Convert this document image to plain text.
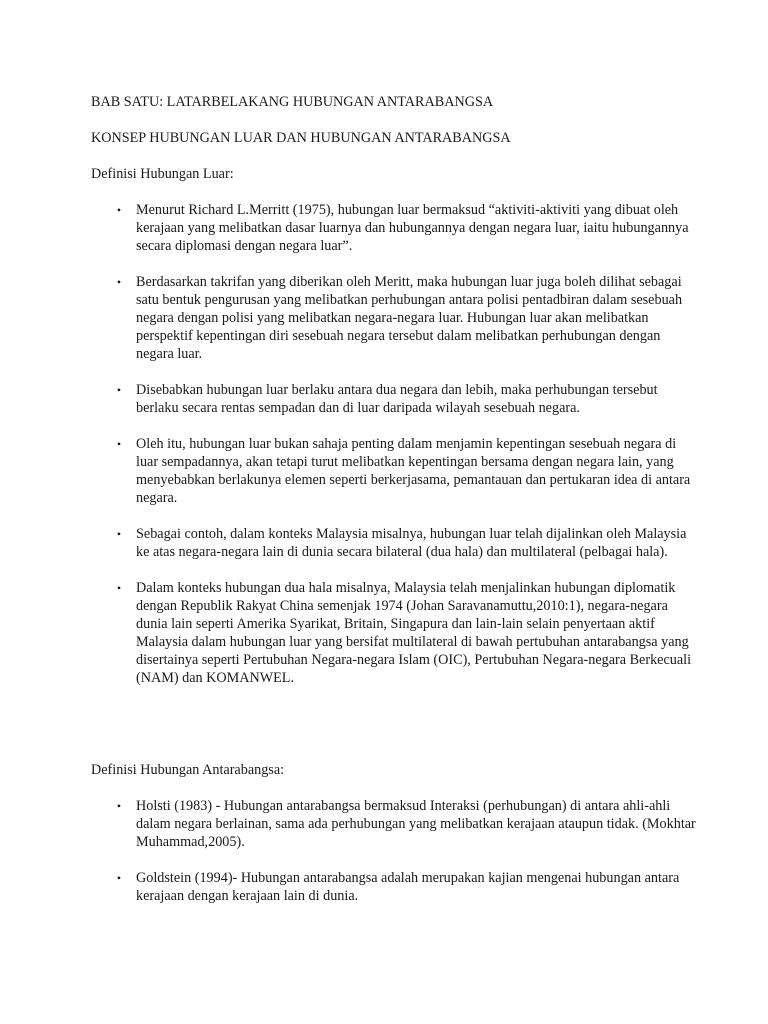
BAB SATU: LATARBELAKANG HUBUNGAN ANTARABANGSA
KONSEP HUBUNGAN LUAR DAN HUBUNGAN ANTARABANGSA
Definisi Hubungan Luar:
•	Menurut Richard L.Merritt (1975), hubungan luar bermaksud “aktiviti-aktiviti yang dibuat oleh kerajaan yang melibatkan dasar luarnya dan hubungannya dengan negara luar, iaitu hubungannya secara diplomasi dengan negara luar”.
•	Berdasarkan takrifan yang diberikan oleh Meritt, maka hubungan luar juga boleh dilihat sebagai satu bentuk pengurusan yang melibatkan perhubungan antara polisi pentadbiran dalam sesebuah negara dengan polisi yang melibatkan negara-negara luar. Hubungan luar akan melibatkan perspektif kepentingan diri sesebuah negara tersebut dalam melibatkan perhubungan dengan negara luar.
•	Disebabkan hubungan luar berlaku antara dua negara dan lebih, maka perhubungan tersebut berlaku secara rentas sempadan dan di luar daripada wilayah sesebuah negara.
•	Oleh itu, hubungan luar bukan sahaja penting dalam menjamin kepentingan sesebuah negara di luar sempadannya, akan tetapi turut melibatkan kepentingan bersama dengan negara lain, yang menyebabkan berlakunya elemen seperti berkerjasama, pemantauan dan pertukaran idea di antara negara.
•	Sebagai contoh, dalam konteks Malaysia misalnya, hubungan luar telah dijalinkan oleh Malaysia ke atas negara-negara lain di dunia secara bilateral (dua hala) dan multilateral (pelbagai hala).
•	Dalam konteks hubungan dua hala misalnya, Malaysia telah menjalinkan hubungan diplomatik dengan Republik Rakyat China semenjak 1974 (Johan Saravanamuttu,2010:1), negara-negara dunia lain seperti Amerika Syarikat, Britain, Singapura dan lain-lain selain penyertaan aktif Malaysia dalam hubungan luar yang bersifat multilateral di bawah pertubuhan antarabangsa yang disertainya seperti Pertubuhan Negara-negara Islam (OIC), Pertubuhan Negara-negara Berkecuali (NAM) dan KOMANWEL.
Definisi Hubungan Antarabangsa:
•	Holsti (1983) - Hubungan antarabangsa bermaksud Interaksi (perhubungan) di antara ahli-ahli dalam negara berlainan, sama ada perhubungan yang melibatkan kerajaan ataupun tidak. (Mokhtar Muhammad,2005).
•	Goldstein (1994)- Hubungan antarabangsa adalah merupakan kajian mengenai hubungan antara kerajaan dengan kerajaan lain di dunia.
